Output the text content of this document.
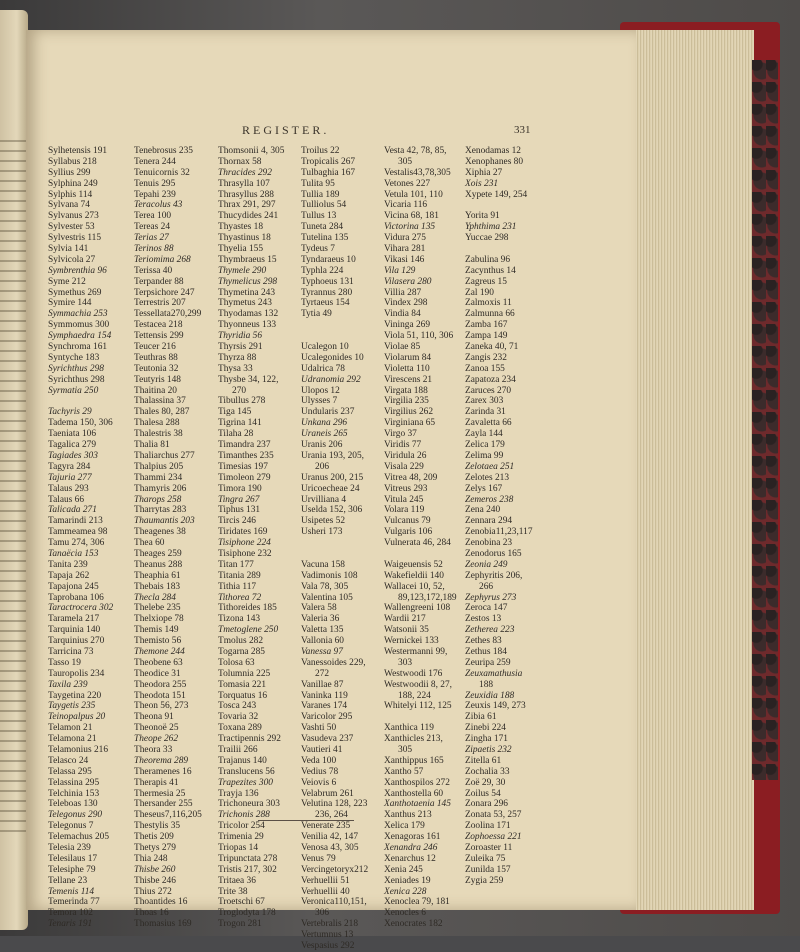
REGISTER.	331
Sylhetensis 191
Syllabus 218
Syllius 299
Sylphina 249
Sylphis 114
Sylvana 74
Sylvanus 273
Sylvester 53
Sylvestris 115
Sylvia 141
Sylvicola 27
Symbrenthia 96
Syme 212
Symethus 269
Symire 144
Symmachia 253
Symmomus 300
Symphaedra 154
Synchroma 161
Syntyche 183
Syrichthus 298
Syrichthus 298
Syrmatia 250
Tachyris 29
Tadema 150, 306
Taeniata 106
Tagalica 279
Tagiades 303
Tagyra 284
Tajuria 277
Talaus 293
Talaus 66
Talicada 271
Tamarindi 213
Tammeamea 98
Tamu 274, 306
Tanaëcia 153
Tanita 239
Tapaja 262
Tapajona 245
Taprobana 106
Taractrocera 302
Taramela 217
Tarquinia 140
Tarquinius 270
Tarricina 73
Tasso 19
Tauropolis 234
Taxila 239
Taygetina 220
Taygetis 235
Teinopalpus 20
Telamon 21
Telamona 21
Telamonius 216
Telasco 24
Telassa 295
Telassina 295
Telchinia 153
Teleboas 130
Telegonus 290
Telegonus 7
Telemachus 205
Telesia 239
Telesilaus 17
Telesiphe 79
Tellane 23
Temenis 114
Temerinda 77
Temora 102
Tenaris 191
Tenebrosus 235
Tenera 244
Tenuicornis 32
Tenuis 295
Tepahi 239
Teracolus 43
Terea 100
Tereas 24
Terias 27
Terinos 88
Teriomima 268
Terissa 40
Terpander 88
Terpsichore 247
Terrestris 207
Tessellata270,299
Testacea 218
Tettensis 299
Teucer 216
Teuthras 88
Teutonia 32
Teutyris 148
Thaitina 20
Thalassina 37
Thales 80, 287
Thalesa 288
Thalestris 38
Thalia 81
Thaliarchus 277
Thalpius 205
Thammi 234
Thamyris 206
Tharops 258
Tharrytas 283
Thaumantis 203
Theagenes 38
Thea 60
Theages 259
Theanus 288
Theaphia 61
Thebais 183
Thecla 284
Thelebe 235
Thelxiope 78
Themis 149
Themisto 56
Themone 244
Theobene 63
Theodice 31
Theodora 255
Theodota 151
Theon 56, 273
Theona 91
Theonoë 25
Theope 262
Theora 33
Theorema 289
Theramenes 16
Therapis 41
Thermesia 25
Thersander 255
Theseus7,116,205
Thestylis 35
Thetis 209
Thetys 279
Thia 248
Thisbe 260
Thisbe 246
Thius 272
Thoantides 16
Thoas 16
Thomasius 169
Thomsonii 4, 305
Thornax 58
Thracides 292
Thrasylla 107
Thrasyllus 288
Thrax 291, 297
Thucydides 241
Thyastes 18
Thyastinus 18
Thyelia 155
Thymbraeus 15
Thymele 290
Thymelicus 298
Thymetina 243
Thymetus 243
Thyodamas 132
Thyonneus 133
Thyridia 56
Thyrsis 291
Thyrza 88
Thysa 33
Thysbe 34, 122,
270
Tibullus 278
Tiga 145
Tigrina 141
Tilaha 28
Timandra 237
Timanthes 235
Timesias 197
Timoleon 279
Timora 190
Tingra 267
Tiphus 131
Tircis 246
Tiridates 169
Tisiphone 224
Tisiphone 232
Titan 177
Titania 289
Tithia 117
Tithorea 72
Tithoreides 185
Tizona 143
Tmetoglene 250
Tmolus 282
Togarna 285
Tolosa 63
Tolumnia 225
Tomasia 221
Torquatus 16
Tosca 243
Tovaria 32
Toxana 289
Tractipennis 292
Trailii 266
Trajanus 140
Translucens 56
Trapezites 300
Trayja 136
Trichoneura 303
Trichonis 288
Tricolor 254
Trimenia 29
Triopas 14
Tripunctata 278
Tristis 217, 302
Tritaea 36
Trite 38
Troetschi 67
Troglodyta 178
Trogon 281
Troilus 22
Tropicalis 267
Tulbaghia 167
Tulita 95
Tullia 189
Tulliolus 54
Tullus 13
Tuneta 284
Tutelina 135
Tydeus 7
Tyndaraeus 10
Typhla 224
Typhoeus 131
Tyrannus 280
Tyrtaeus 154
Tytia 49
Ucalegon 10
Ucalegonides 10
Udalrica 78
Udranomia 292
Ulopos 12
Ulysses 7
Undularis 237
Unkana 296
Uraneis 265
Uranis 206
Urania 193, 205,
206
Uranus 200, 215
Uricoecheae 24
Urvilliana 4
Uselda 152, 306
Usipetes 52
Usheri 173
Vacuna 158
Vadimonis 108
Vala 78, 305
Valentina 105
Valera 58
Valeria 36
Valetta 135
Vallonia 60
Vanessa 97
Vanessoides 229,
272
Vanillae 87
Vaninka 119
Varanes 174
Varicolor 295
Vashti 50
Vasudeva 237
Vautieri 41
Veda 100
Vedius 78
Veiovis 6
Velabrum 261
Velutina 128, 223
236, 264
Venerate 235
Venilia 42, 147
Venosa 43, 305
Venus 79
Vercingetoryx212
Verhuellii 51
Verhuellii 40
Veronica110,151,
306
Vertebralis 218
Vertumnus 13
Vespasius 292
Vesta 42, 78, 85,
305
Vestalis43,78,305
Vetones 227
Vetula 101, 110
Vicaria 116
Vicina 68, 181
Victorina 135
Vidura 275
Vihara 281
Vikasi 146
Vila 129
Vilasera 280
Villia 287
Vindex 298
Vindia 84
Vininga 269
Viola 51, 110, 306
Violae 85
Violarum 84
Violetta 110
Virescens 21
Virgata 188
Virgilia 235
Virgilius 262
Virginiana 65
Virgo 37
Viridis 77
Viridula 26
Visala 229
Vitrea 48, 209
Vitreus 293
Vitula 245
Volara 119
Vulcanus 79
Vulgaris 106
Vulnerata 46, 284
Waigeuensis 52
Wakefieldii 140
Wallacei 10, 52,
89,123,172,189
Wallengreeni 108
Wardii 217
Watsonii 35
Wernickei 133
Westermanni 99,
303
Westwoodi 176
Westwoodii 8, 27,
188, 224
Whitelyi 112, 125
Xanthica 119
Xanthicles 213,
305
Xanthippus 165
Xantho 57
Xanthospilos 272
Xanthostella 60
Xanthotaenia 145
Xanthus 213
Xelica 179
Xenagoras 161
Xenandra 246
Xenarchus 12
Xenia 245
Xeniades 19
Xenica 228
Xenoclea 79, 181
Xenocles 6
Xenocrates 182
Xenodamas 12
Xenophanes 80
Xiphia 27
Xois 231
Xypete 149, 254
Yorita 91
Yphthima 231
Yuccae 298
Zabulina 96
Zacynthus 14
Zagreus 15
Zal 190
Zalmoxis 11
Zalmunna 66
Zamba 167
Zampa 149
Zaneka 40, 71
Zangis 232
Zanoa 155
Zapatoza 234
Zaruces 270
Zarex 303
Zarinda 31
Zavaletta 66
Zayla 144
Zelica 179
Zelima 99
Zelotaea 251
Zelotes 213
Zelys 167
Zemeros 238
Zena 240
Zennara 294
Zenobia11,23,117
Zenobina 23
Zenodorus 165
Zeonia 249
Zephyritis 206,
266
Zephyrus 273
Zeroca 147
Zestos 13
Zetherea 223
Zethes 83
Zethus 184
Zeuripa 259
Zeuxamathusia
188
Zeuxidia 188
Zeuxis 149, 273
Zibia 61
Zinebi 224
Zingha 171
Zipaetis 232
Zitella 61
Zochalia 33
Zoë 29, 30
Zoilus 54
Zonara 296
Zonata 53, 257
Zoolina 171
Zophoessa 221
Zoroaster 11
Zuleika 75
Zunilda 157
Zygia 259
